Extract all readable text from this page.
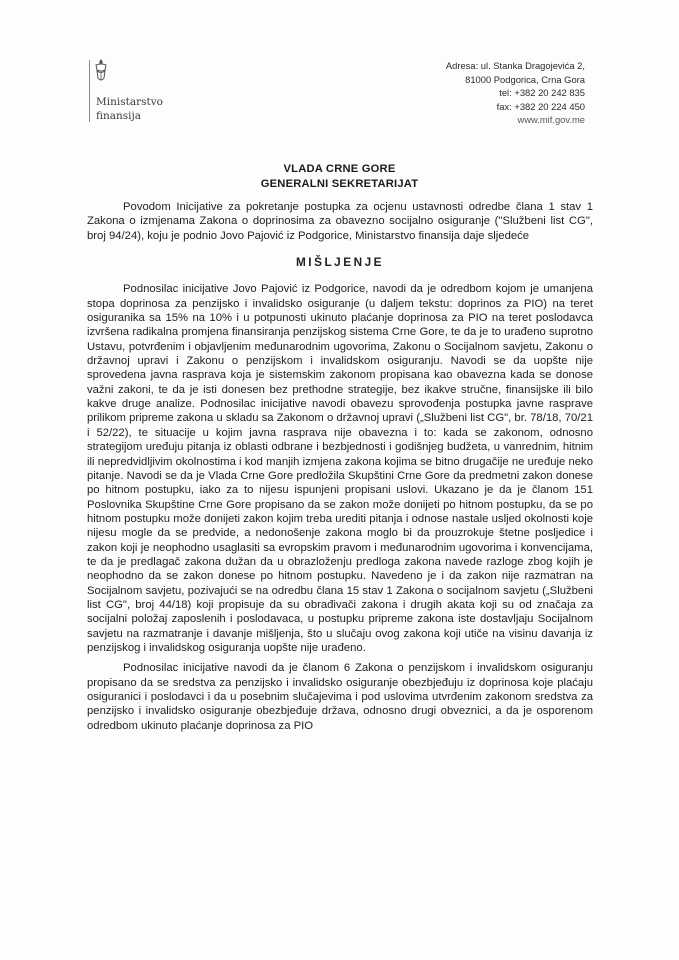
Ministarstvo
finansija
Adresa: ul. Stanka Dragojevića 2,
81000 Podgorica, Crna Gora
tel: +382 20 242 835
fax: +382 20 224 450
www.mif.gov.me
VLADA CRNE GORE
GENERALNI SEKRETARIJAT

Povodom Inicijative za pokretanje postupka za ocjenu ustavnosti odredbe člana 1 stav 1 Zakona o izmjenama Zakona o doprinosima za obavezno socijalno osiguranje ("Službeni list CG", broj 94/24), koju je podnio Jovo Pajović iz Podgorice, Ministarstvo finansija daje sljedeće

MIŠLJENJE

Podnosilac inicijative Jovo Pajović iz Podgorice, navodi da je odredbom kojom je umanjena stopa doprinosa za penzijsko i invalidsko osiguranje (u daljem tekstu: doprinos za PIO) na teret osiguranika sa 15% na 10% i u potpunosti ukinuto plaćanje doprinosa za PIO na teret poslodavca izvršena radikalna promjena finansiranja penzijskog sistema Crne Gore, te da je to urađeno suprotno Ustavu, potvrđenim i objavljenim međunarodnim ugovorima, Zakonu o Socijalnom savjetu, Zakonu o državnoj upravi i Zakonu o penzijskom i invalidskom osiguranju. Navodi se da uopšte nije sprovedena javna rasprava koja je sistemskim zakonom propisana kao obavezna kada se donose važni zakoni, te da je isti donesen bez prethodne strategije, bez ikakve stručne, finansijske ili bilo kakve druge analize. Podnosilac inicijative navodi obavezu sprovođenja postupka javne rasprave prilikom pripreme zakona u skladu sa Zakonom o državnoj upravi („Službeni list CG", br. 78/18, 70/21 i 52/22), te situacije u kojim javna rasprava nije obavezna i to: kada se zakonom, odnosno strategijom uređuju pitanja iz oblasti odbrane i bezbjednosti i godišnjeg budžeta, u vanrednim, hitnim ili nepredvidljivim okolnostima i kod manjih izmjena zakona kojima se bitno drugačije ne uređuje neko pitanje. Navodi se da je Vlada Crne Gore predložila Skupštini Crne Gore da predmetni zakon donese po hitnom postupku, iako za to nijesu ispunjeni propisani uslovi. Ukazano je da je članom 151 Poslovnika Skupštine Crne Gore propisano da se zakon može donijeti po hitnom postupku, da se po hitnom postupku može donijeti zakon kojim treba urediti pitanja i odnose nastale usljed okolnosti koje nijesu mogle da se predvide, a nedonošenje zakona moglo bi da prouzrokuje štetne posljedice i zakon koji je neophodno usaglasiti sa evropskim pravom i međunarodnim ugovorima i konvencijama, te da je predlagač zakona dužan da u obrazloženju predloga zakona navede razloge zbog kojih je neophodno da se zakon donese po hitnom postupku. Navedeno je i da zakon nije razmatran na Socijalnom savjetu, pozivajući se na odredbu člana 15 stav 1 Zakona o socijalnom savjetu („Službeni list CG", broj 44/18) koji propisuje da su obrađivači zakona i drugih akata koji su od značaja za socijalni položaj zaposlenih i poslodavaca, u postupku pripreme zakona iste dostavljaju Socijalnom savjetu na razmatranje i davanje mišljenja, što u slučaju ovog zakona koji utiče na visinu davanja iz penzijskog i invalidskog osiguranja uopšte nije urađeno.

Podnosilac inicijative navodi da je članom 6 Zakona o penzijskom i invalidskom osiguranju propisano da se sredstva za penzijsko i invalidsko osiguranje obezbjeđuju iz doprinosa koje plaćaju osiguranici i poslodavci i da u posebnim slučajevima i pod uslovima utvrđenim zakonom sredstva za penzijsko i invalidsko osiguranje obezbjeđuje država, odnosno drugi obveznici, a da je osporenom odredbom ukinuto plaćanje doprinosa za PIO
